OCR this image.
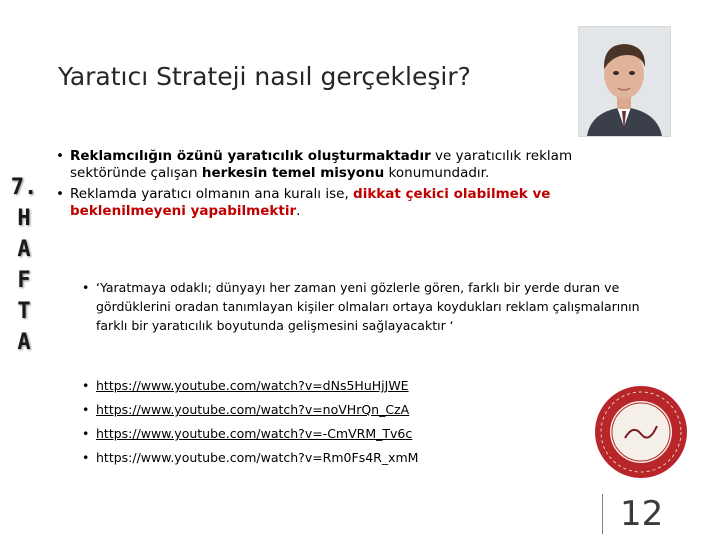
Yaratıcı Strateji nasıl gerçekleşir?
7.
H
A
F
T
A
• Reklamcılığın özünü yaratıcılık oluşturmaktadır ve yaratıcılık reklam sektöründe çalışan herkesin temel misyonu konumundadır.
• Reklamda yaratıcı olmanın ana kuralı ise, dikkat çekici olabilmek ve beklenilmeyeni yapabilmektir.
• ‘Yaratmaya odaklı; dünyayı her zaman yeni gözlerle gören, farklı bir yerde duran ve gördüklerini oradan tanımlayan kişiler olmaları ortaya koydukları reklam çalışmalarının farklı bir yaratıcılık boyutunda gelişmesini sağlayacaktır ‘
• https://www.youtube.com/watch?v=dNs5HuHjJWE
• https://www.youtube.com/watch?v=noVHrQn_CzA
• https://www.youtube.com/watch?v=-CmVRM_Tv6c
• https://www.youtube.com/watch?v=Rm0Fs4R_xmM
12
